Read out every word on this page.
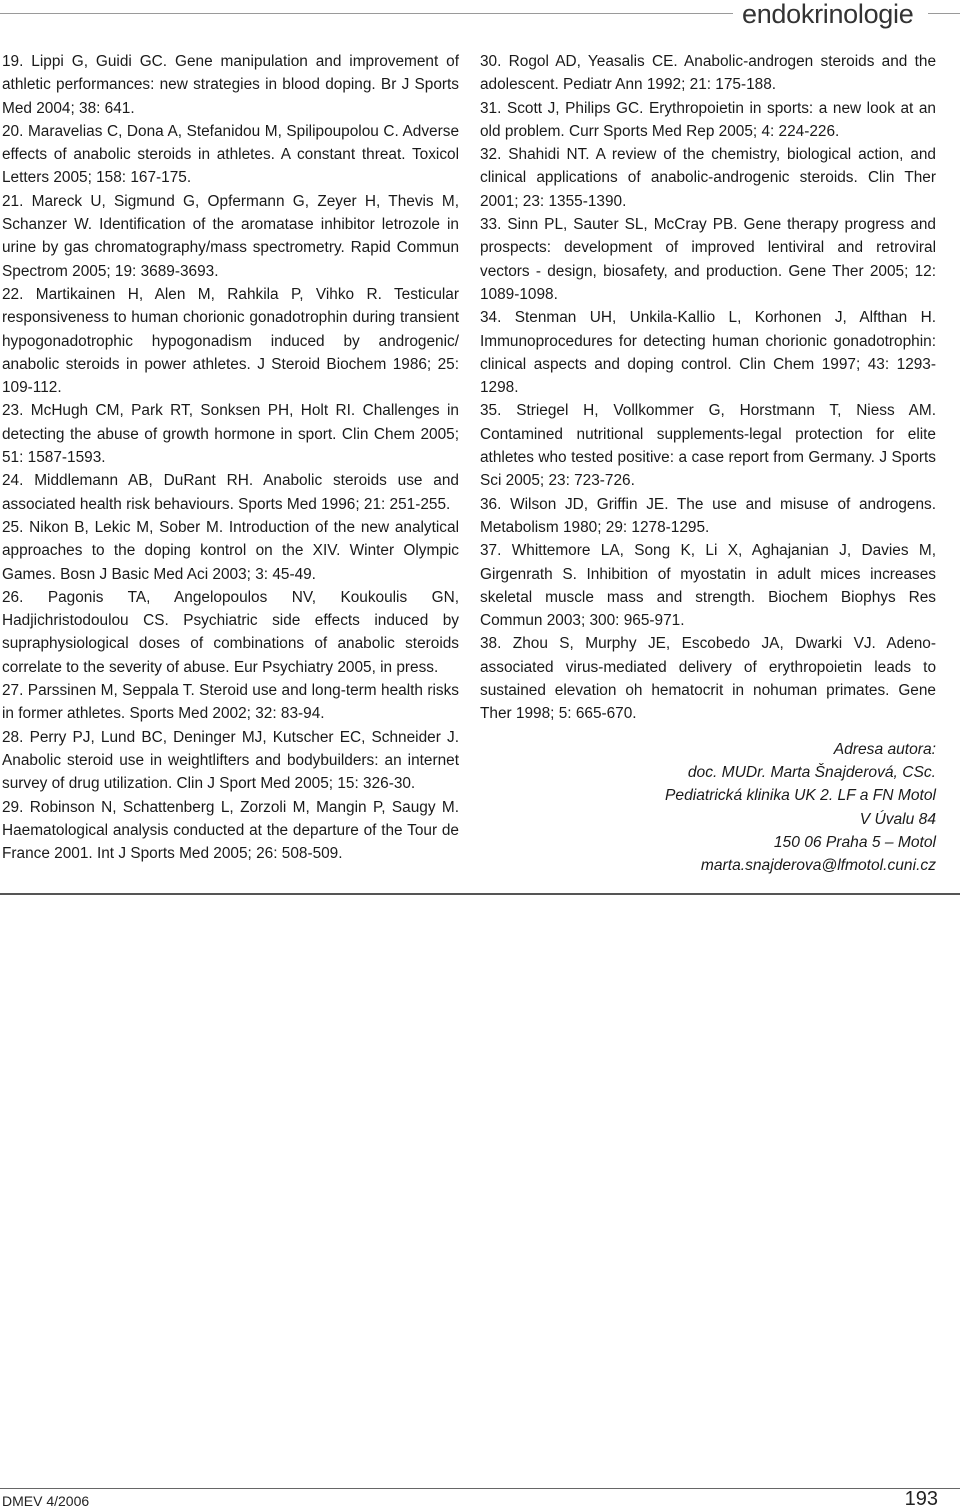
endokrinologie

19. Lippi G, Guidi GC. Gene manipulation and improvement of athletic performances: new strategies in blood doping. Br J Sports Med 2004; 38: 641.

20. Maravelias C, Dona A, Stefanidou M, Spilipoupolou C. Adverse effects of anabolic steroids in athletes. A constant threat. Toxicol Letters 2005; 158: 167-175.

21. Mareck U, Sigmund G, Opfermann G, Zeyer H, Thevis M, Schanzer W. Identification of the aromatase inhibitor letrozole in urine by gas chromatography/mass spectrometry. Rapid Commun Spectrom 2005; 19: 3689-3693.

22. Martikainen H, Alen M, Rahkila P, Vihko R. Testicular responsiveness to human chorionic gonadotrophin during transient hypogonadotrophic hypogonadism induced by androgenic/ anabolic steroids in power athletes. J Steroid Biochem 1986; 25: 109-112.

23. McHugh CM, Park RT, Sonksen PH, Holt RI. Challenges in detecting the abuse of growth hormone in sport. Clin Chem 2005; 51: 1587-1593.

24. Middlemann AB, DuRant RH. Anabolic steroids use and associated health risk behaviours. Sports Med 1996; 21: 251-255.

25. Nikon B, Lekic M, Sober M. Introduction of the new analytical approaches to the doping kontrol on the XIV. Winter Olympic Games. Bosn J Basic Med Aci 2003; 3: 45-49.

26. Pagonis TA, Angelopoulos NV, Koukoulis GN, Hadjichristodoulou CS. Psychiatric side effects induced by supraphysiological doses of combinations of anabolic steroids correlate to the severity of abuse. Eur Psychiatry 2005, in press.

27. Parssinen M, Seppala T. Steroid use and long-term health risks in former athletes. Sports Med 2002; 32: 83-94.

28. Perry PJ, Lund BC, Deninger MJ, Kutscher EC, Schneider J. Anabolic steroid use in weightlifters and bodybuilders: an internet survey of drug utilization. Clin J Sport Med 2005; 15: 326-30.

29. Robinson N, Schattenberg L, Zorzoli M, Mangin P, Saugy M. Haematological analysis conducted at the departure of the Tour de France 2001. Int J Sports Med 2005; 26: 508-509.

30. Rogol AD, Yeasalis CE. Anabolic-androgen steroids and the adolescent. Pediatr Ann 1992; 21: 175-188.

31. Scott J, Philips GC. Erythropoietin in sports: a new look at an old problem. Curr Sports Med Rep 2005; 4: 224-226.

32. Shahidi NT. A review of the chemistry, biological action, and clinical applications of anabolic-androgenic steroids. Clin Ther 2001; 23: 1355-1390.

33. Sinn PL, Sauter SL, McCray PB. Gene therapy progress and prospects: development of improved lentiviral and retroviral vectors - design, biosafety, and production. Gene Ther 2005; 12: 1089-1098.

34. Stenman UH, Unkila-Kallio L, Korhonen J, Alfthan H. Immunoprocedures for detecting human chorionic gonadotrophin: clinical aspects and doping control. Clin Chem 1997; 43: 1293-1298.

35. Striegel H, Vollkommer G, Horstmann T, Niess AM. Contamined nutritional supplements-legal protection for elite athletes who tested positive: a case report from Germany. J Sports Sci 2005; 23: 723-726.

36. Wilson JD, Griffin JE. The use and misuse of androgens. Metabolism 1980; 29: 1278-1295.

37. Whittemore LA, Song K, Li X, Aghajanian J, Davies M, Girgenrath S. Inhibition of myostatin in adult mices increases skeletal muscle mass and strength. Biochem Biophys Res Commun 2003; 300: 965-971.

38. Zhou S, Murphy JE, Escobedo JA, Dwarki VJ. Adeno-associated virus-mediated delivery of erythropoietin leads to sustained elevation oh hematocrit in nohuman primates. Gene Ther 1998; 5: 665-670.

Adresa autora:
doc. MUDr. Marta Šnajderová, CSc.
Pediatrická klinika UK 2. LF a FN Motol
V Úvalu 84
150 06 Praha 5 – Motol
marta.snajderova@lfmotol.cuni.cz
DMEV 4/2006	193
